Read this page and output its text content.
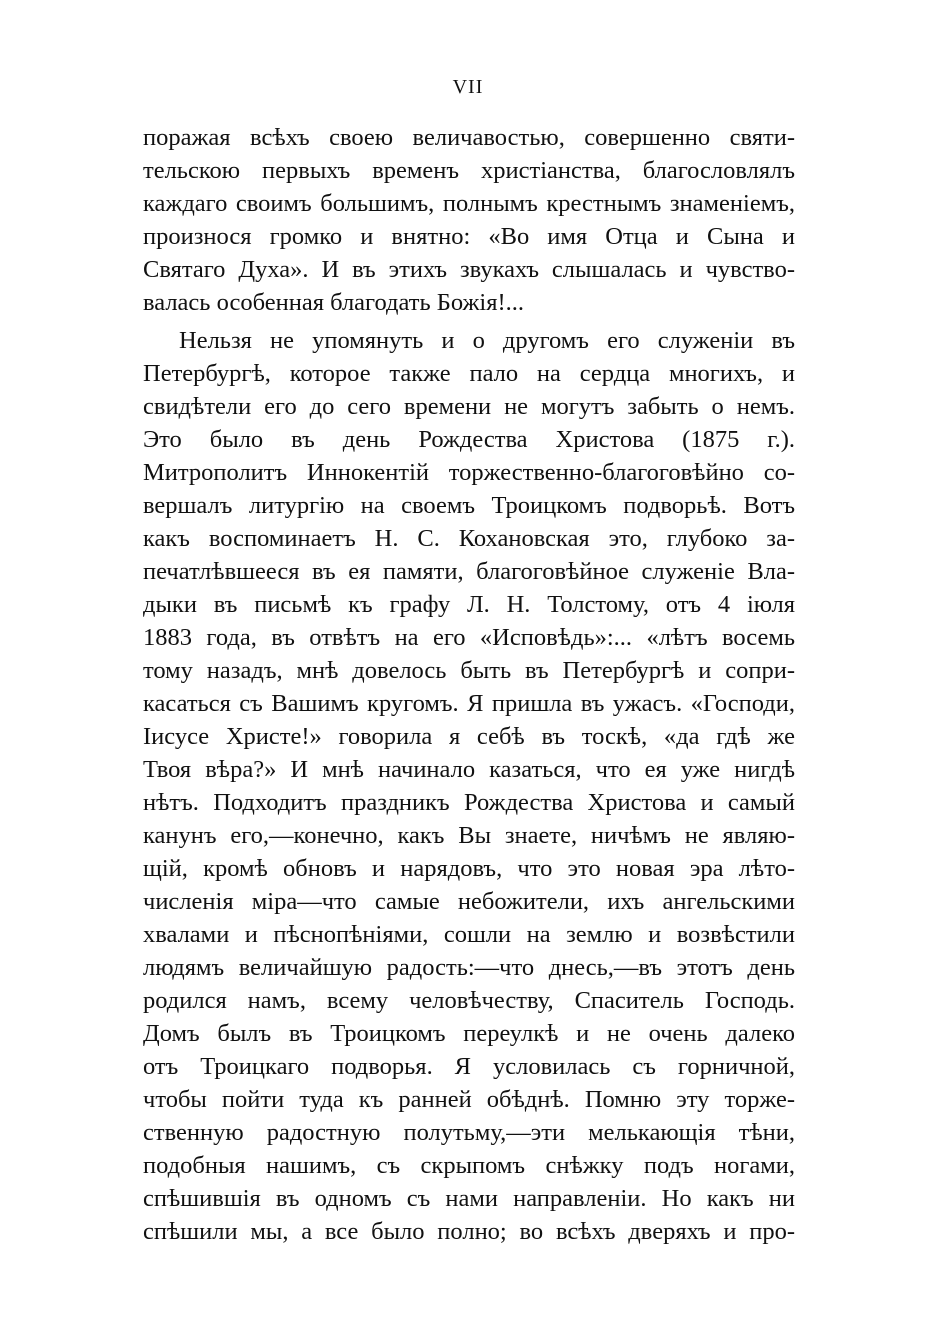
VII
поражая всѣхъ своею величавостью, совершенно святи-
тельскою первыхъ временъ христіанства, благословлялъ
каждаго своимъ большимъ, полнымъ крестнымъ знаменіемъ,
произнося громко и внятно: «Во имя Отца и Сына и
Святаго Духа». И въ этихъ звукахъ слышалась и чувство-
валась особенная благодать Божія!...
Нельзя не упомянуть и о другомъ его служеніи въ
Петербургѣ, которое также пало на сердца многихъ, и
свидѣтели его до сего времени не могутъ забыть о немъ.
Это было въ день Рождества Христова (1875 г.).
Митрополитъ Иннокентій торжественно-благоговѣйно со-
вершалъ литургію на своемъ Троицкомъ подворьѣ. Вотъ
какъ воспоминаетъ Н. С. Кохановская это, глубоко за-
печатлѣвшееся въ ея памяти, благоговѣйное служеніе Вла-
дыки въ письмѣ къ графу Л. Н. Толстому, отъ 4 іюля
1883 года, въ отвѣтъ на его «Исповѣдь»:... «лѣтъ восемь
тому назадъ, мнѣ довелось быть въ Петербургѣ и сопри-
касаться съ Вашимъ кругомъ. Я пришла въ ужасъ. «Господи,
Іисусе Христе!» говорила я себѣ въ тоскѣ, «да гдѣ же
Твоя вѣра?» И мнѣ начинало казаться, что ея уже нигдѣ
нѣтъ. Подходитъ праздникъ Рождества Христова и самый
канунъ его,—конечно, какъ Вы знаете, ничѣмъ не являю-
щій, кромѣ обновъ и нарядовъ, что это новая эра лѣто-
численія міра—что самые небожители, ихъ ангельскими
хвалами и пѣснопѣніями, сошли на землю и возвѣстили
людямъ величайшую радость:—что днесь,—въ этотъ день
родился намъ, всему человѣчеству, Спаситель Господь.
Домъ былъ въ Троицкомъ переулкѣ и не очень далеко
отъ Троицкаго подворья. Я условилась съ горничной,
чтобы пойти туда къ ранней обѣднѣ. Помню эту торже-
ственную радостную полутьму,—эти мелькающія тѣни,
подобныя нашимъ, съ скрыпомъ снѣжку подъ ногами,
спѣшившія въ одномъ съ нами направленіи. Но какъ ни
спѣшили мы, а все было полно; во всѣхъ дверяхъ и про-
